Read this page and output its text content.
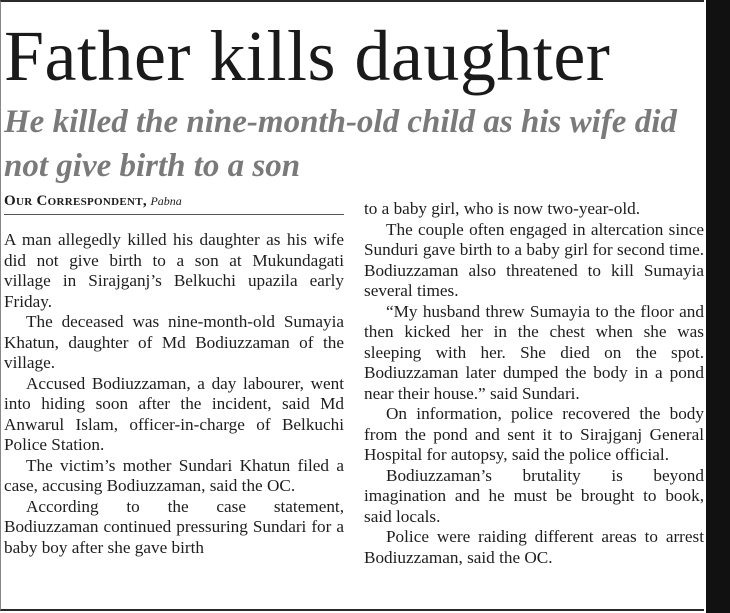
Father kills daughter
He killed the nine-month-old child as his wife did not give birth to a son
Our Correspondent, Pabna

A man allegedly killed his daughter as his wife did not give birth to a son at Mukundagati village in Sirajganj’s Belkuchi upazila early Friday.

The deceased was nine-month-old Sumayia Khatun, daughter of Md Bodiuzzaman of the village.

Accused Bodiuzzaman, a day labourer, went into hiding soon after the incident, said Md Anwarul Islam, officer-in-charge of Belkuchi Police Station.

The victim’s mother Sundari Khatun filed a case, accusing Bodiuzzaman, said the OC.

According to the case statement, Bodiuzzaman continued pressuring Sundari for a baby boy after she gave birth

to a baby girl, who is now two-year-old.

The couple often engaged in altercation since Sunduri gave birth to a baby girl for second time. Bodiuzzaman also threatened to kill Sumayia several times.

“My husband threw Sumayia to the floor and then kicked her in the chest when she was sleeping with her. She died on the spot. Bodiuzzaman later dumped the body in a pond near their house.” said Sundari.

On information, police recovered the body from the pond and sent it to Sirajganj General Hospital for autopsy, said the police official.

Bodiuzzaman’s brutality is beyond imagination and he must be brought to book, said locals.

Police were raiding different areas to arrest Bodiuzzaman, said the OC.
